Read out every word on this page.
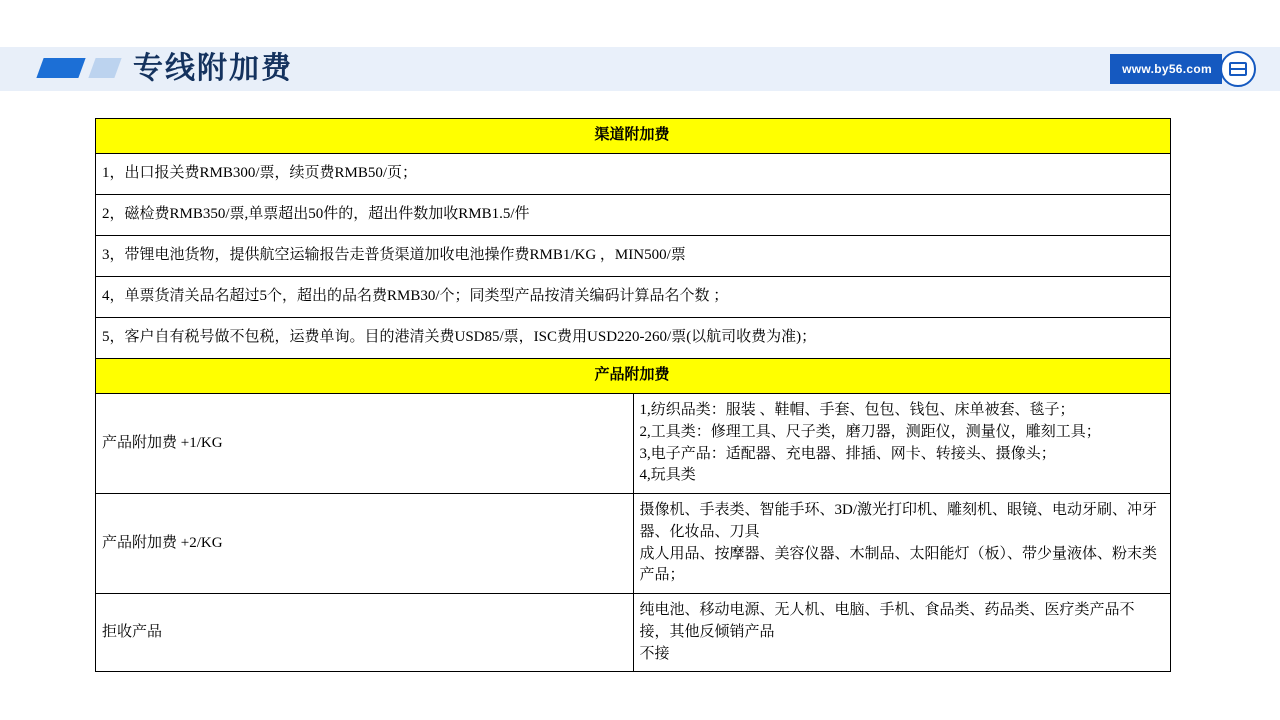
专线附加费	www.by56.com
渠道附加费	
1，出口报关费RMB300/票，续页费RMB50/页；	
2，磁检费RMB350/票,单票超出50件的，超出件数加收RMB1.5/件	
3，带锂电池货物，提供航空运输报告走普货渠道加收电池操作费RMB1/KG ，MIN500/票	
4，单票货清关品名超过5个，超出的品名费RMB30/个；同类型产品按清关编码计算品名个数 ；	
5，客户自有税号做不包税，运费单询。目的港清关费USD85/票，ISC费用USD220-260/票(以航司收费为准)；	
产品附加费	
产品附加费 +1/KG	1,纺织品类：服装 、鞋帽、手套、包包、钱包、床单被套、毯子；
2,工具类：修理工具、尺子类，磨刀器，测距仪，测量仪，雕刻工具；
3,电子产品：适配器、充电器、排插、网卡、转接头、摄像头；
4,玩具类

产品附加费 +2/KG	摄像机、手表类、智能手环、3D/激光打印机、雕刻机、眼镜、电动牙刷、冲牙器、化妆品、刀具
成人用品、按摩器、美容仪器、木制品、太阳能灯（板）、带少量液体、粉末类产品；

拒收产品	纯电池、移动电源、无人机、电脑、手机、食品类、药品类、医疗类产品不接，其他反倾销产品
不接
